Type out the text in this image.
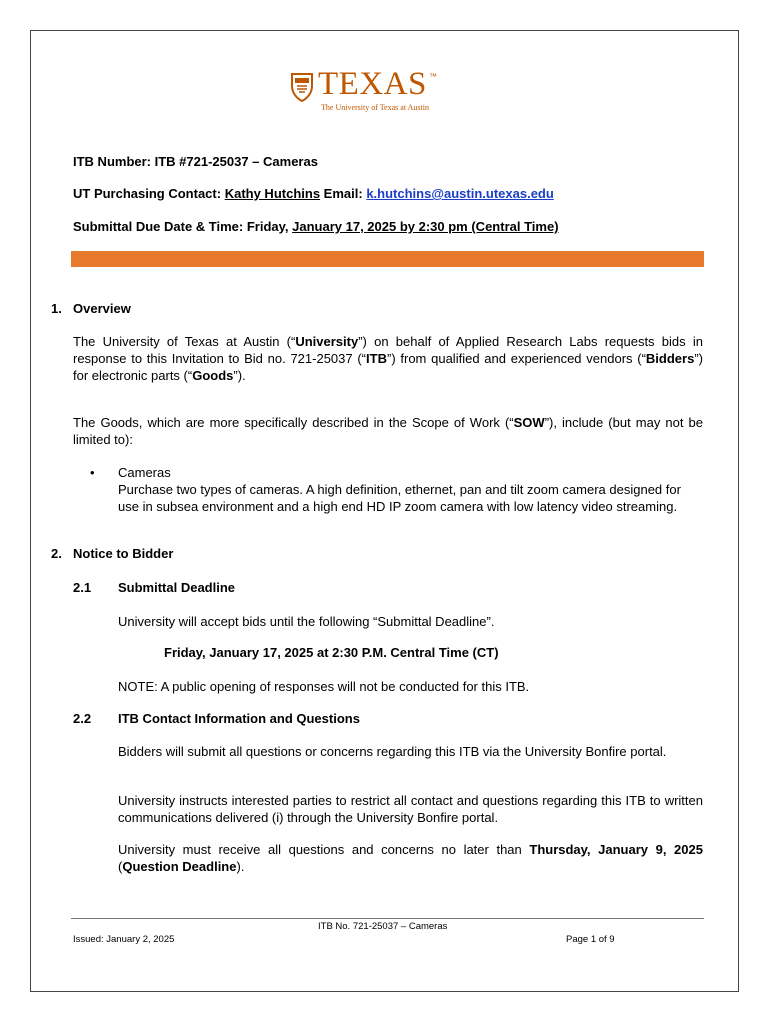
TEXAS ™
The University of Texas at Austin
ITB Number: ITB #721-25037 – Cameras
UT Purchasing Contact: Kathy Hutchins Email: k.hutchins@austin.utexas.edu
Submittal Due Date & Time: Friday, January 17, 2025 by 2:30 pm (Central Time)
1. Overview
The University of Texas at Austin (“University”) on behalf of Applied Research Labs requests bids in response to this Invitation to Bid no. 721-25037 (“ITB”) from qualified and experienced vendors (“Bidders”) for electronic parts (“Goods”).
The Goods, which are more specifically described in the Scope of Work (“SOW”), include (but may not be limited to):
• Cameras
Purchase two types of cameras. A high definition, ethernet, pan and tilt zoom camera designed for use in subsea environment and a high end HD IP zoom camera with low latency video streaming.
2. Notice to Bidder
2.1 Submittal Deadline
University will accept bids until the following “Submittal Deadline”.
Friday, January 17, 2025 at 2:30 P.M. Central Time (CT)
NOTE: A public opening of responses will not be conducted for this ITB.
2.2 ITB Contact Information and Questions
Bidders will submit all questions or concerns regarding this ITB via the University Bonfire portal.
University instructs interested parties to restrict all contact and questions regarding this ITB to written communications delivered (i) through the University Bonfire portal.
University must receive all questions and concerns no later than Thursday, January 9, 2025 (Question Deadline).
ITB No. 721-25037 – Cameras
Issued: January 2, 2025	Page 1 of 9
